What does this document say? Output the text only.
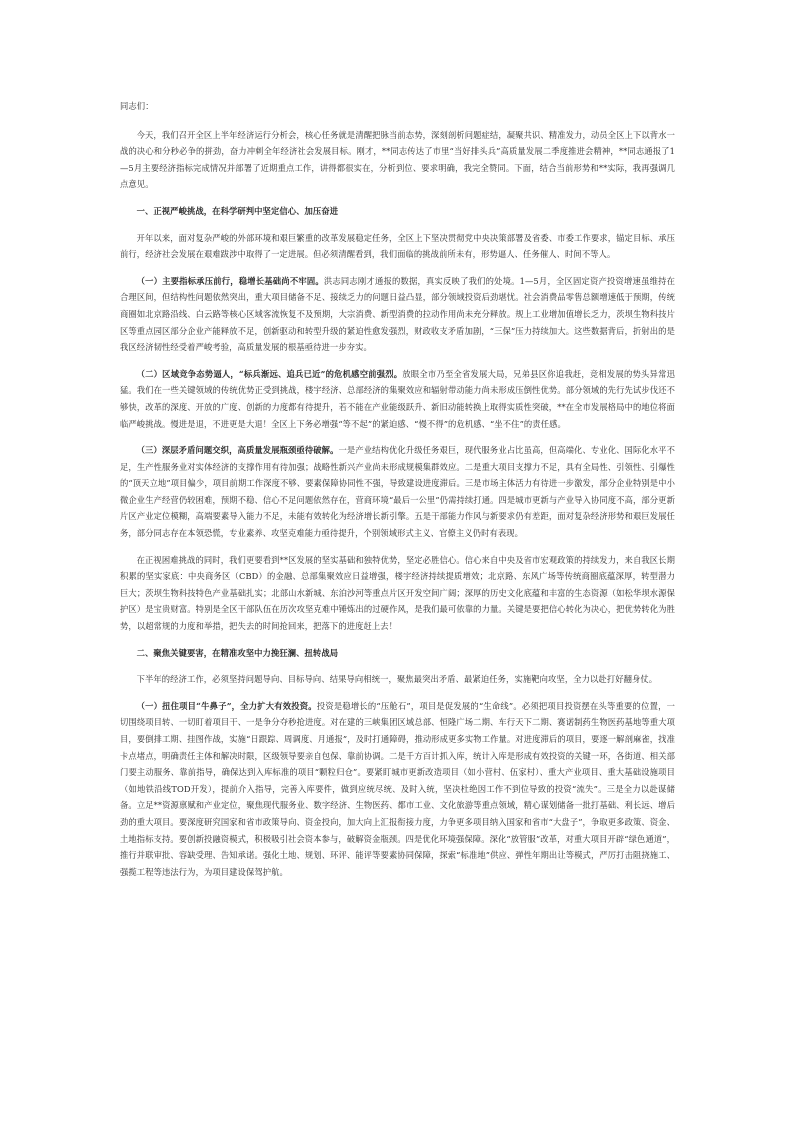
同志们：

今天，我们召开全区上半年经济运行分析会，核心任务就是清醒把脉当前态势，深刻剖析问题症结，凝聚共识、精准发力，动员全区上下以背水一战的决心和分秒必争的拼劲，奋力冲刺全年经济社会发展目标。刚才，**同志传达了市里“当好排头兵”高质量发展二季度推进会精神，**同志通报了1—5月主要经济指标完成情况并部署了近期重点工作，讲得都很实在，分析到位、要求明确，我完全赞同。下面，结合当前形势和**实际，我再强调几点意见。

一、正视严峻挑战，在科学研判中坚定信心、加压奋进

开年以来，面对复杂严峻的外部环境和艰巨繁重的改革发展稳定任务，全区上下坚决贯彻党中央决策部署及省委、市委工作要求，锚定目标、承压前行，经济社会发展在艰难跋涉中取得了一定进展。但必须清醒看到，我们面临的挑战前所未有，形势逼人、任务催人、时间不等人。

（一）主要指标承压前行，稳增长基础尚不牢固。洪志同志刚才通报的数据，真实反映了我们的处境。1—5月，全区固定资产投资增速虽维持在合理区间，但结构性问题依然突出，重大项目储备不足、接续乏力的问题日益凸显，部分领域投资后劲堪忧。社会消费品零售总额增速低于预期，传统商圈如北京路沿线、白云路等核心区域客流恢复不及预期，大宗消费、新型消费的拉动作用尚未充分释放。规上工业增加值增长乏力，茨坝生物科技片区等重点园区部分企业产能释放不足，创新驱动和转型升级的紧迫性愈发强烈，财政收支矛盾加剧，“三保”压力持续加大。这些数据背后，折射出的是我区经济韧性经受着严峻考验，高质量发展的根基亟待进一步夯实。

（二）区域竞争态势逼人，“标兵渐远、追兵已近”的危机感空前强烈。放眼全市乃至全省发展大局，兄弟县区你追我赶，竞相发展的势头异常迅猛。我们在一些关键领域的传统优势正受到挑战，楼宇经济、总部经济的集聚效应和辐射带动能力尚未形成压倒性优势。部分领域的先行先试步伐还不够快，改革的深度、开放的广度、创新的力度都有待提升，若不能在产业能级跃升、新旧动能转换上取得实质性突破，**在全市发展格局中的地位将面临严峻挑战。慢进是退，不进更是大退！全区上下务必增强“等不起”的紧迫感、“慢不得”的危机感、“坐不住”的责任感。

（三）深层矛盾问题交织，高质量发展瓶颈亟待破解。一是产业结构优化升级任务艰巨，现代服务业占比虽高，但高端化、专业化、国际化水平不足，生产性服务业对实体经济的支撑作用有待加强；战略性新兴产业尚未形成规模集群效应。二是重大项目支撑力不足，具有全局性、引领性、引爆性的“顶天立地”项目偏少，项目前期工作深度不够、要素保障协同性不强，导致建设进度滞后。三是市场主体活力有待进一步激发，部分企业特别是中小微企业生产经营仍较困难，预期不稳、信心不足问题依然存在，营商环境“最后一公里”仍需持续打通。四是城市更新与产业导入协同度不高，部分更新片区产业定位模糊，高端要素导入能力不足，未能有效转化为经济增长新引擎。五是干部能力作风与新要求仍有差距，面对复杂经济形势和艰巨发展任务，部分同志存在本领恐慌，专业素养、攻坚克难能力亟待提升，个别领域形式主义、官僚主义仍时有表现。

在正视困难挑战的同时，我们更要看到**区发展的坚实基础和独特优势，坚定必胜信心。信心来自中央及省市宏观政策的持续发力，来自我区长期积累的坚实家底：中央商务区（CBD）的金融、总部集聚效应日益增强，楼宇经济持续提质增效；北京路、东风广场等传统商圈底蕴深厚，转型潜力巨大；茨坝生物科技特色产业基础扎实；北部山水新城、东泊沙河等重点片区开发空间广阔；深厚的历史文化底蕴和丰富的生态资源（如松华坝水源保护区）是宝贵财富。特别是全区干部队伍在历次攻坚克难中锤炼出的过硬作风，是我们最可依靠的力量。关键是要把信心转化为决心，把优势转化为胜势，以超常规的力度和举措，把失去的时间抢回来，把落下的进度赶上去！

二、聚焦关键要害，在精准攻坚中力挽狂澜、扭转战局

下半年的经济工作，必须坚持问题导向、目标导向、结果导向相统一，聚焦最突出矛盾、最紧迫任务，实施靶向攻坚，全力以赴打好翻身仗。

（一）扭住项目“牛鼻子”，全力扩大有效投资。投资是稳增长的“压舱石”，项目是促发展的“生命线”。必须把项目投资摆在头等重要的位置，一切围绕项目转、一切盯着项目干、一是争分夺秒抢进度。对在建的三峡集团区域总部、恒隆广场二期、车行天下二期、赛诺制药生物医药基地等重大项目，要倒排工期、挂图作战，实施“日跟踪、周调度、月通报”，及时打通障碍，推动形成更多实物工作量。对进度滞后的项目，要逐一解剖麻雀，找准卡点堵点，明确责任主体和解决时限，区级领导要亲自包保、靠前协调。二是千方百计抓入库，统计入库是形成有效投资的关键一环，各街道、相关部门要主动服务、靠前指导，确保达到入库标准的项目“颗粒归仓”。要紧盯城市更新改造项目（如小营村、伍家村）、重大产业项目、重大基础设施项目（如地铁沿线TOD开发），提前介入指导，完善入库要件，做到应统尽统、及时入统，坚决杜绝因工作不到位导致的投资“流失”。三是全力以赴谋储备。立足**资源禀赋和产业定位，聚焦现代服务业、数字经济、生物医药、都市工业、文化旅游等重点领域，精心谋划储备一批打基础、利长远、增后劲的重大项目。要深度研究国家和省市政策导向、资金投向，加大向上汇报衔接力度，力争更多项目纳入国家和省市“大盘子”，争取更多政策、资金、土地指标支持。要创新投融资模式，积极吸引社会资本参与，破解资金瓶颈。四是优化环境强保障。深化“放管服”改革，对重大项目开辟“绿色通道”，推行并联审批、容缺受理、告知承诺。强化土地、规划、环评、能评等要素协同保障，探索“标准地”供应、弹性年期出让等模式，严厉打击阻挠施工、强揽工程等违法行为，为项目建设保驾护航。
